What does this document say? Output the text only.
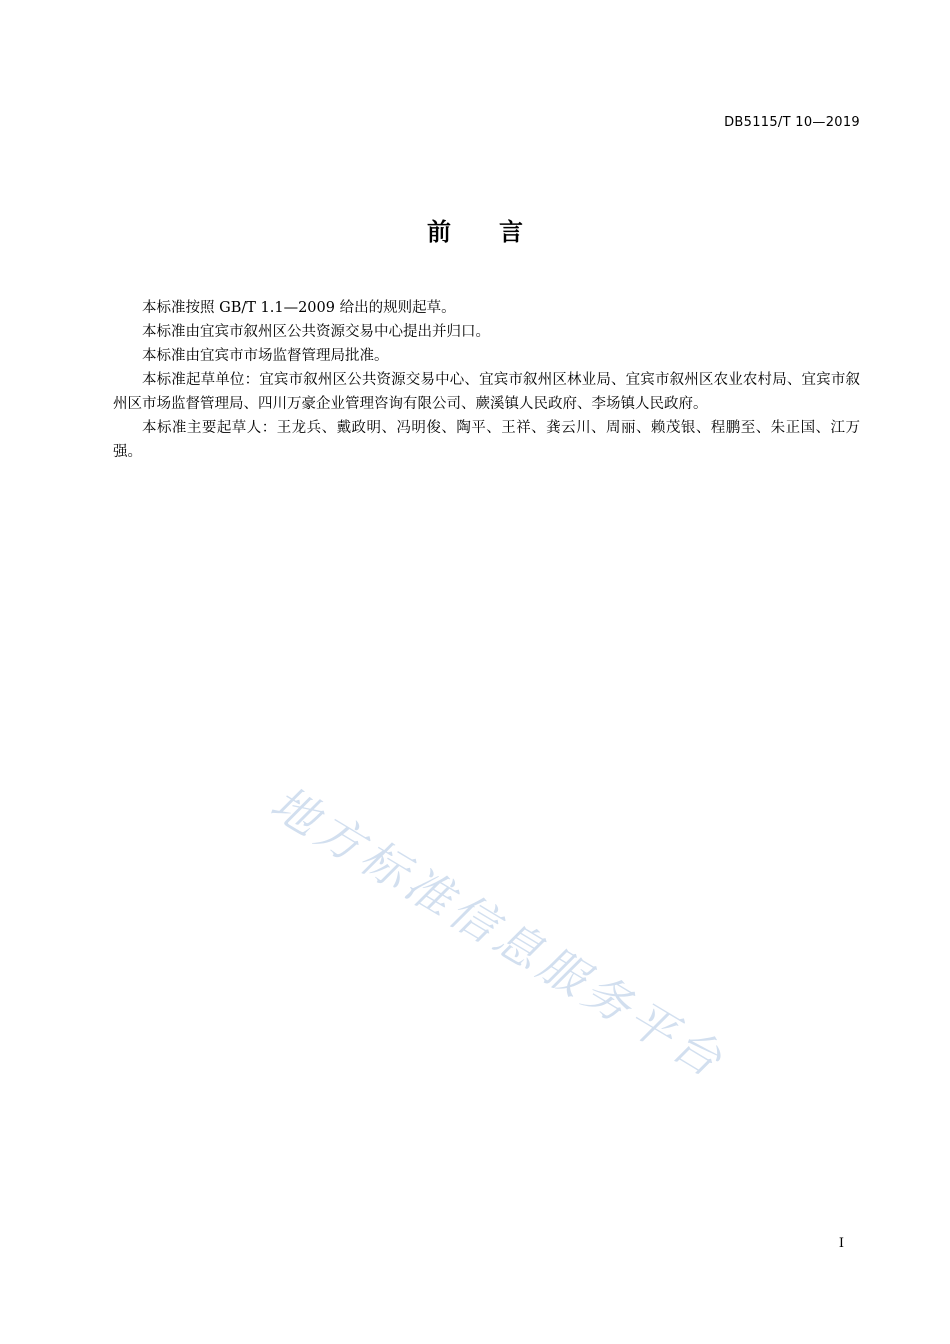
DB5115/T 10—2019
前 言

本标准按照 GB/T 1.1—2009 给出的规则起草。

本标准由宜宾市叙州区公共资源交易中心提出并归口。

本标准由宜宾市市场监督管理局批准。

本标准起草单位：宜宾市叙州区公共资源交易中心、宜宾市叙州区林业局、宜宾市叙州区农业农村局、宜宾市叙州区市场监督管理局、四川万豪企业管理咨询有限公司、蕨溪镇人民政府、李场镇人民政府。

本标准主要起草人：王龙兵、戴政明、冯明俊、陶平、王祥、龚云川、周丽、赖茂银、程鹏至、朱正国、江万强。

地方标准信息服务平台
I
